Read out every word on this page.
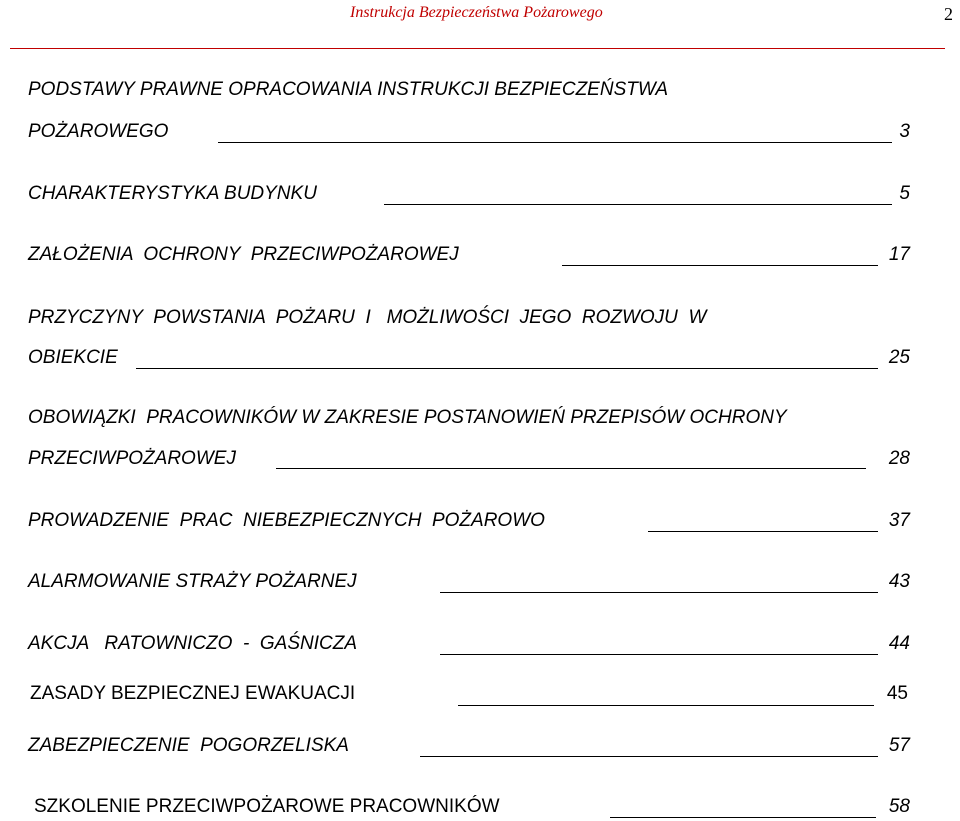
Instrukcja Bezpieczeństwa Pożarowego	2
PODSTAWY PRAWNE OPRACOWANIA INSTRUKCJI BEZPIECZEŃSTWA
POŻAROWEGO	3
CHARAKTERYSTYKA BUDYNKU	5
ZAŁOŻENIA  OCHRONY  PRZECIWPOŻAROWEJ	17
PRZYCZYNY  POWSTANIA  POŻARU  I   MOŻLIWOŚCI  JEGO  ROZWOJU  W
OBIEKCIE	25
OBOWIĄZKI  PRACOWNIKÓW W ZAKRESIE POSTANOWIEŃ PRZEPISÓW OCHRONY
PRZECIWPOŻAROWEJ	28
PROWADZENIE  PRAC  NIEBEZPIECZNYCH  POŻAROWO	37
ALARMOWANIE STRAŻY POŻARNEJ	43
AKCJA   RATOWNICZO  -  GAŚNICZA	44
ZASADY BEZPIECZNEJ EWAKUACJI	45
ZABEZPIECZENIE  POGORZELISKA	57
SZKOLENIE PRZECIWPOŻAROWE PRACOWNIKÓW	58
